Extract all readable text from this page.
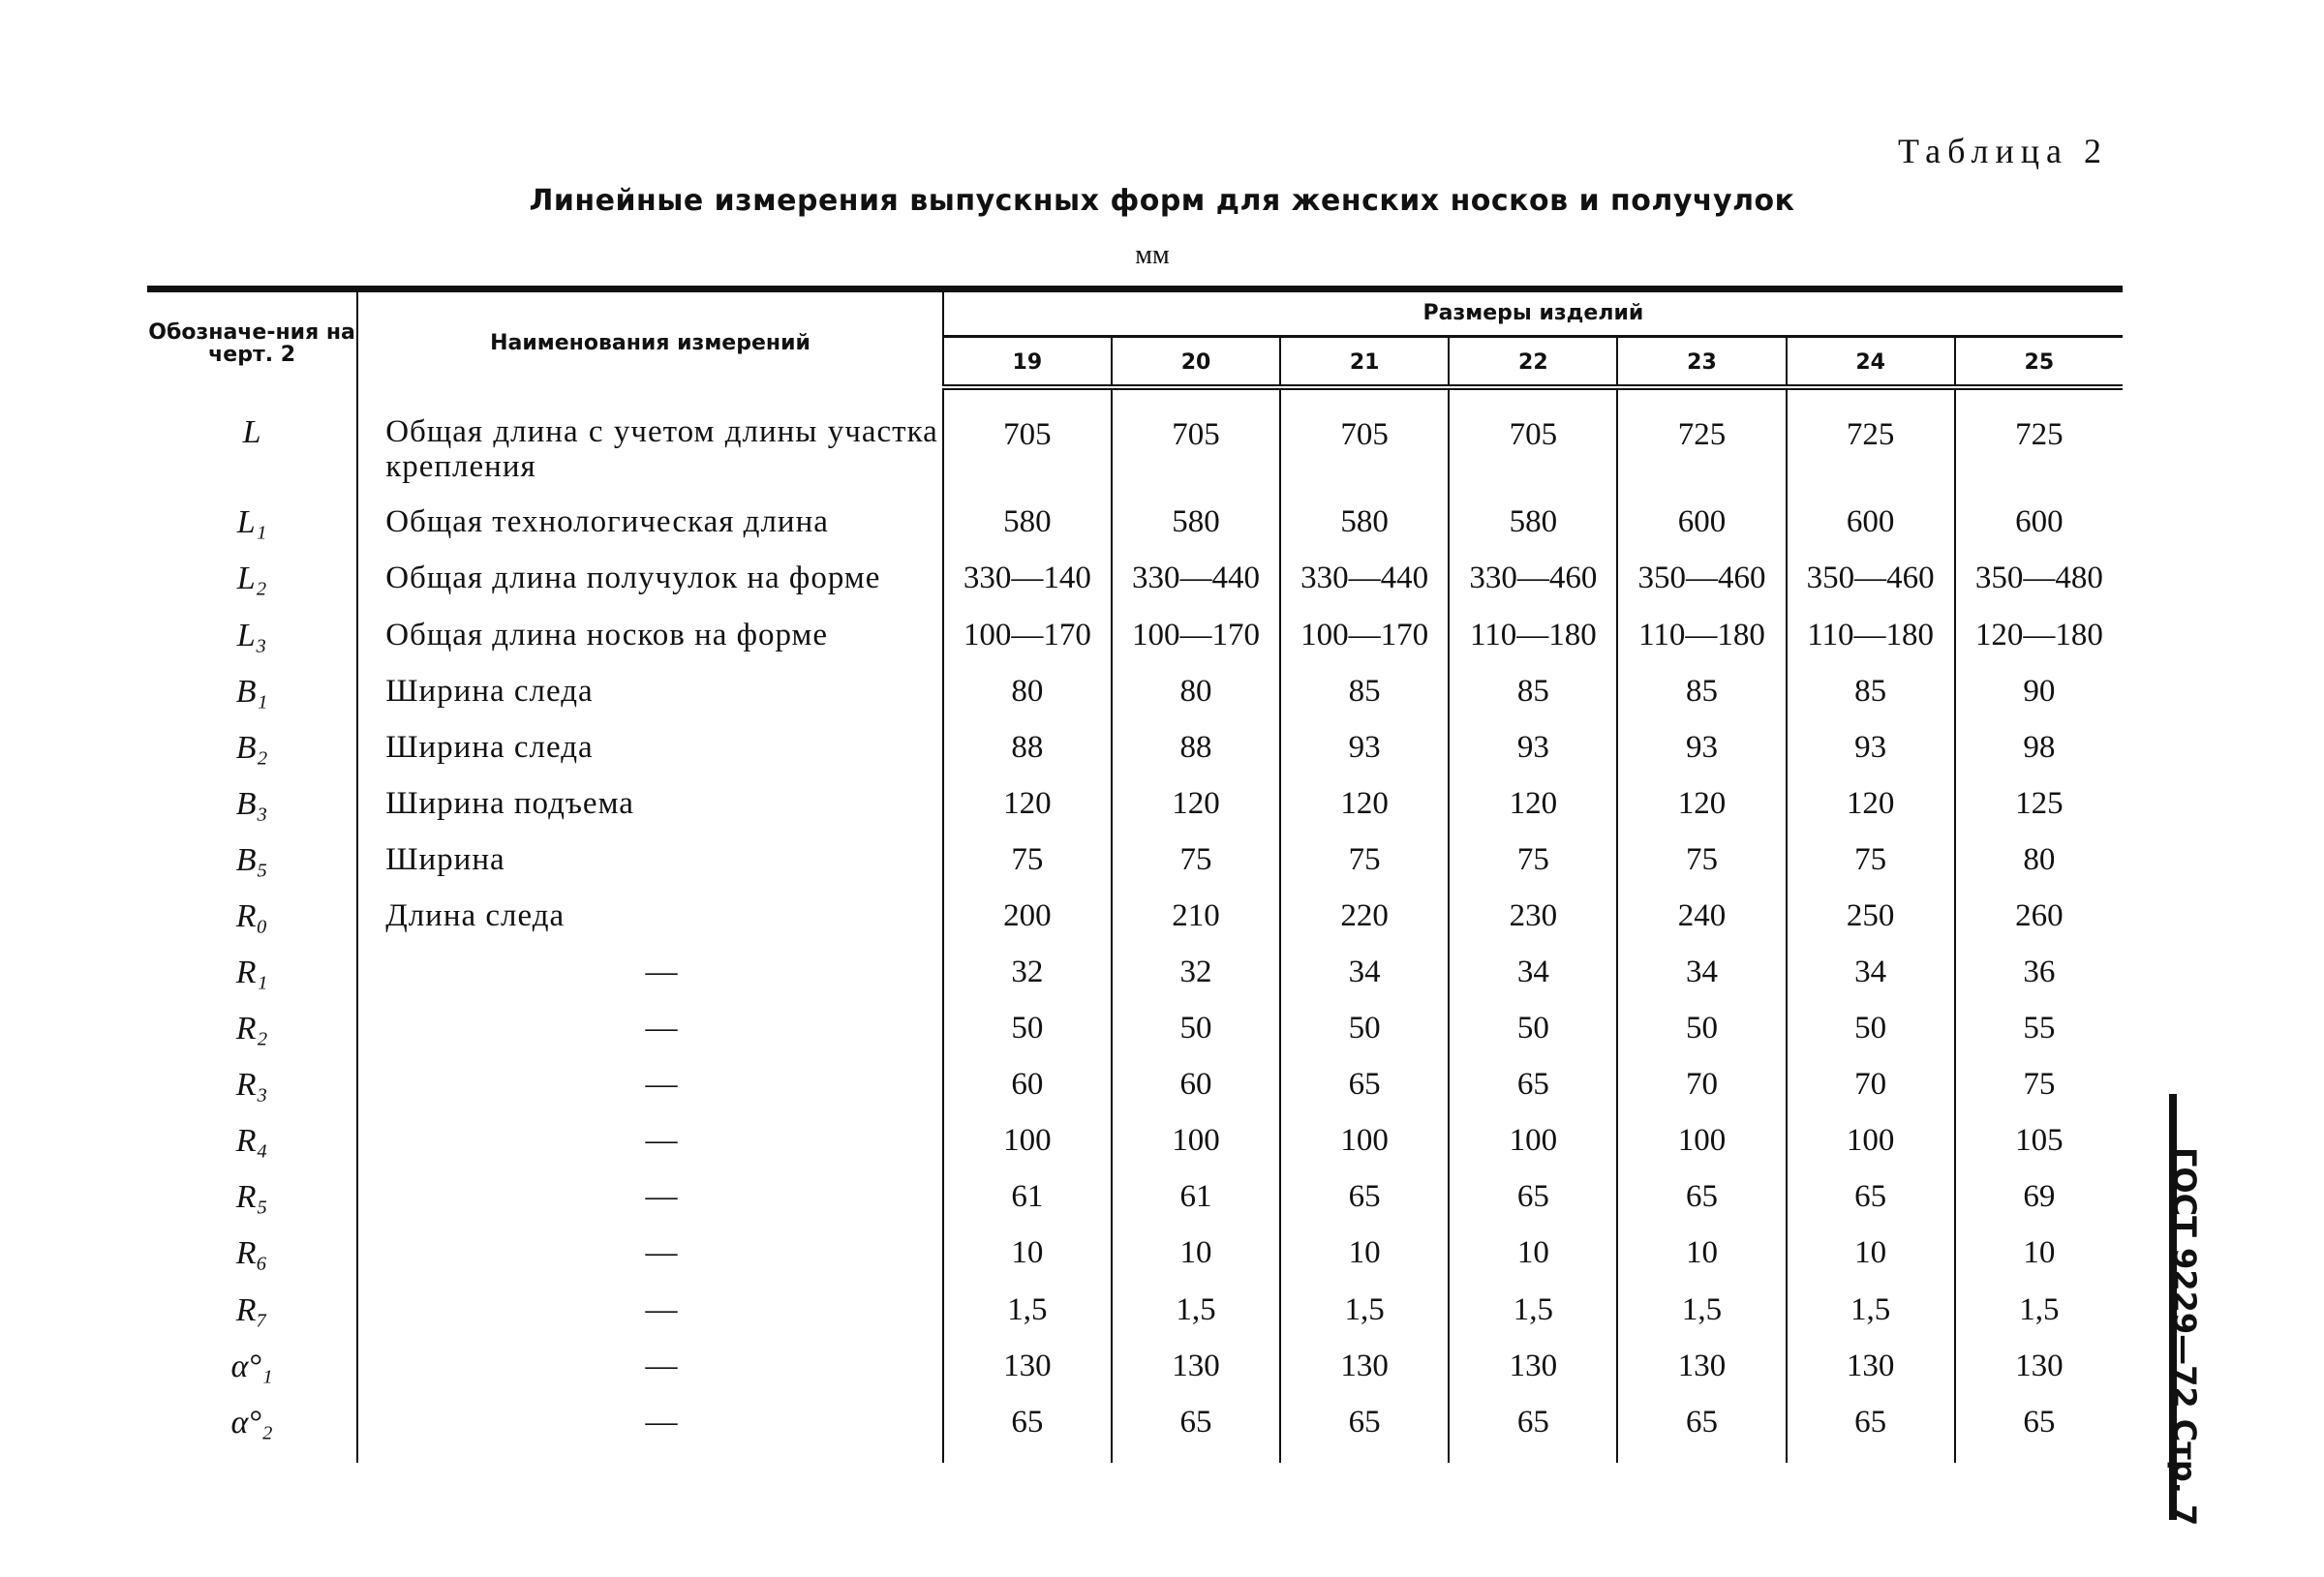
Таблица 2
Линейные измерения выпускных форм для женских носков и получулок
мм
ГОСТ 9229—72 Стр. 7
Обозначе-ния на черт. 2	Наименования измерений	Размеры изделий						
		19	20	21	22	23	24	25
L	Общая длина с учетом длины участка крепления	705	705	705	705	725	725	725
L₁	Общая технологическая длина	580	580	580	580	600	600	600
L₂	Общая длина получулок на форме	330—140	330—440	330—440	330—460	350—460	350—460	350—480
L₃	Общая длина носков на форме	100—170	100—170	100—170	110—180	110—180	110—180	120—180
B₁	Ширина следа	80	80	85	85	85	85	90
B₂	Ширина следа	88	88	93	93	93	93	98
B₃	Ширина подъема	120	120	120	120	120	120	125
B₅	Ширина	75	75	75	75	75	75	80
R₀	Длина следа	200	210	220	230	240	250	260
R₁	—	32	32	34	34	34	34	36
R₂	—	50	50	50	50	50	50	55
R₃	—	60	60	65	65	70	70	75
R₄	—	100	100	100	100	100	100	105
R₅	—	61	61	65	65	65	65	69
R₆	—	10	10	10	10	10	10	10
R₇	—	1,5	1,5	1,5	1,5	1,5	1,5	1,5
α°₁	—	130	130	130	130	130	130	130
α°₂	—	65	65	65	65	65	65	65
